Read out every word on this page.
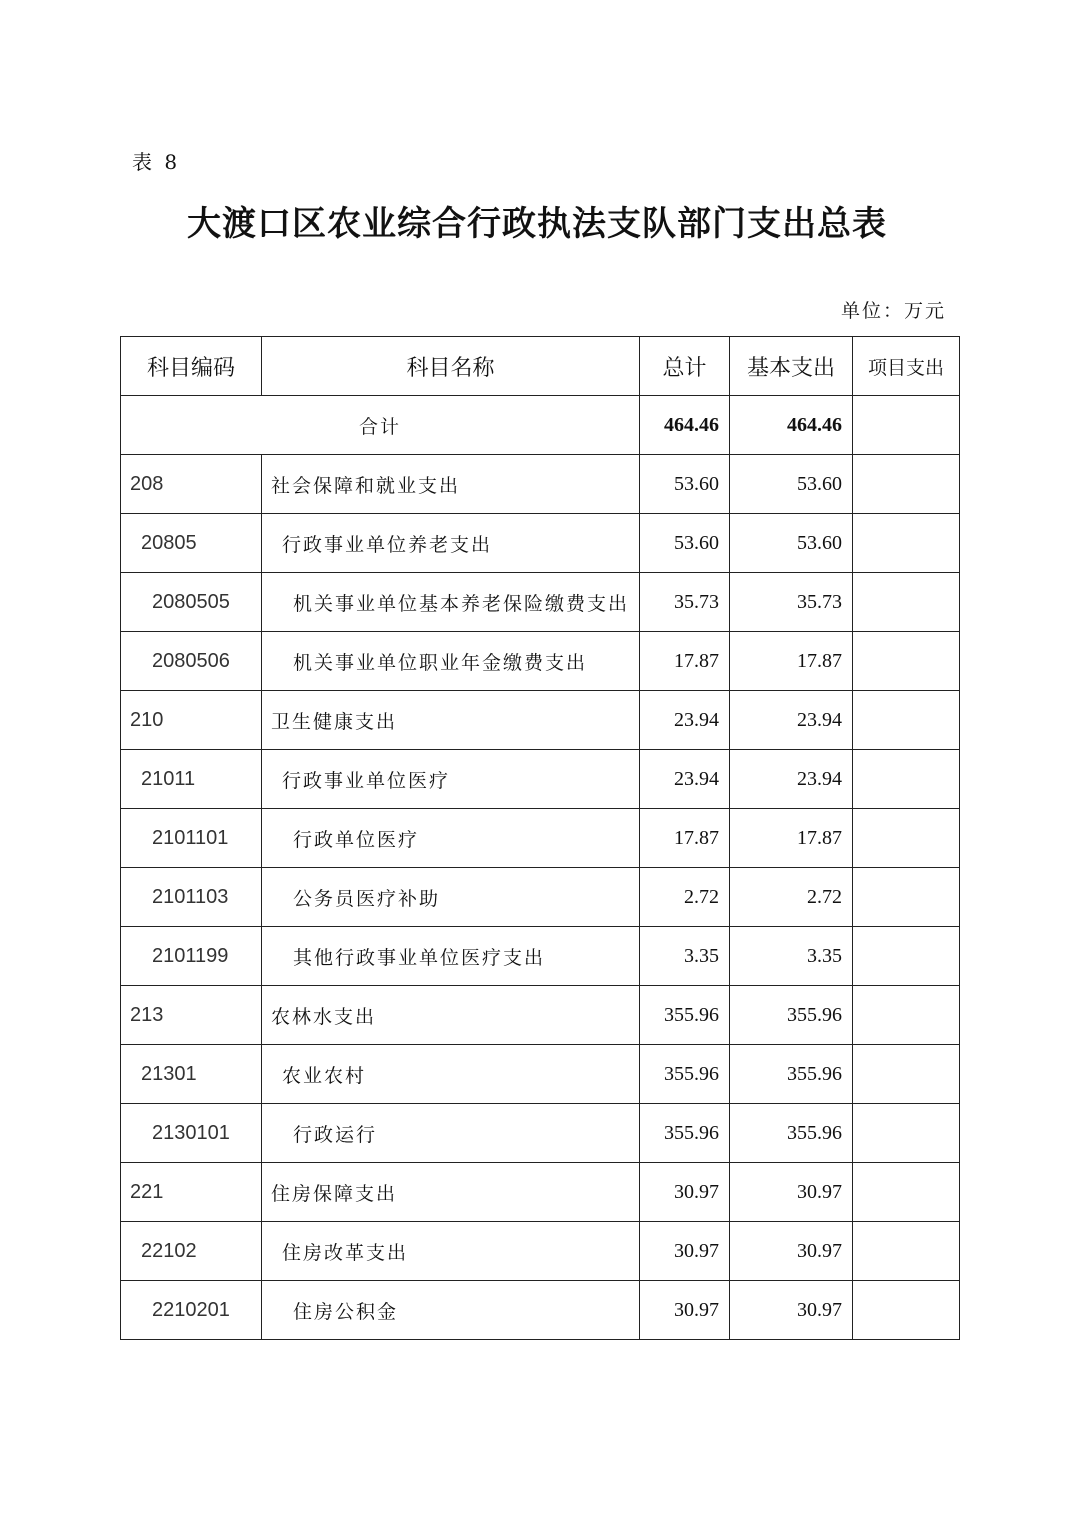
表 8
大渡口区农业综合行政执法支队部门支出总表
单位：万元
科目编码	科目名称	总计	基本支出	项目支出
合计		464.46	464.46	
208	社会保障和就业支出	53.60	53.60	
20805	行政事业单位养老支出	53.60	53.60	
2080505	机关事业单位基本养老保险缴费支出	35.73	35.73	
2080506	机关事业单位职业年金缴费支出	17.87	17.87	
210	卫生健康支出	23.94	23.94	
21011	行政事业单位医疗	23.94	23.94	
2101101	行政单位医疗	17.87	17.87	
2101103	公务员医疗补助	2.72	2.72	
2101199	其他行政事业单位医疗支出	3.35	3.35	
213	农林水支出	355.96	355.96	
21301	农业农村	355.96	355.96	
2130101	行政运行	355.96	355.96	
221	住房保障支出	30.97	30.97	
22102	住房改革支出	30.97	30.97	
2210201	住房公积金	30.97	30.97	
